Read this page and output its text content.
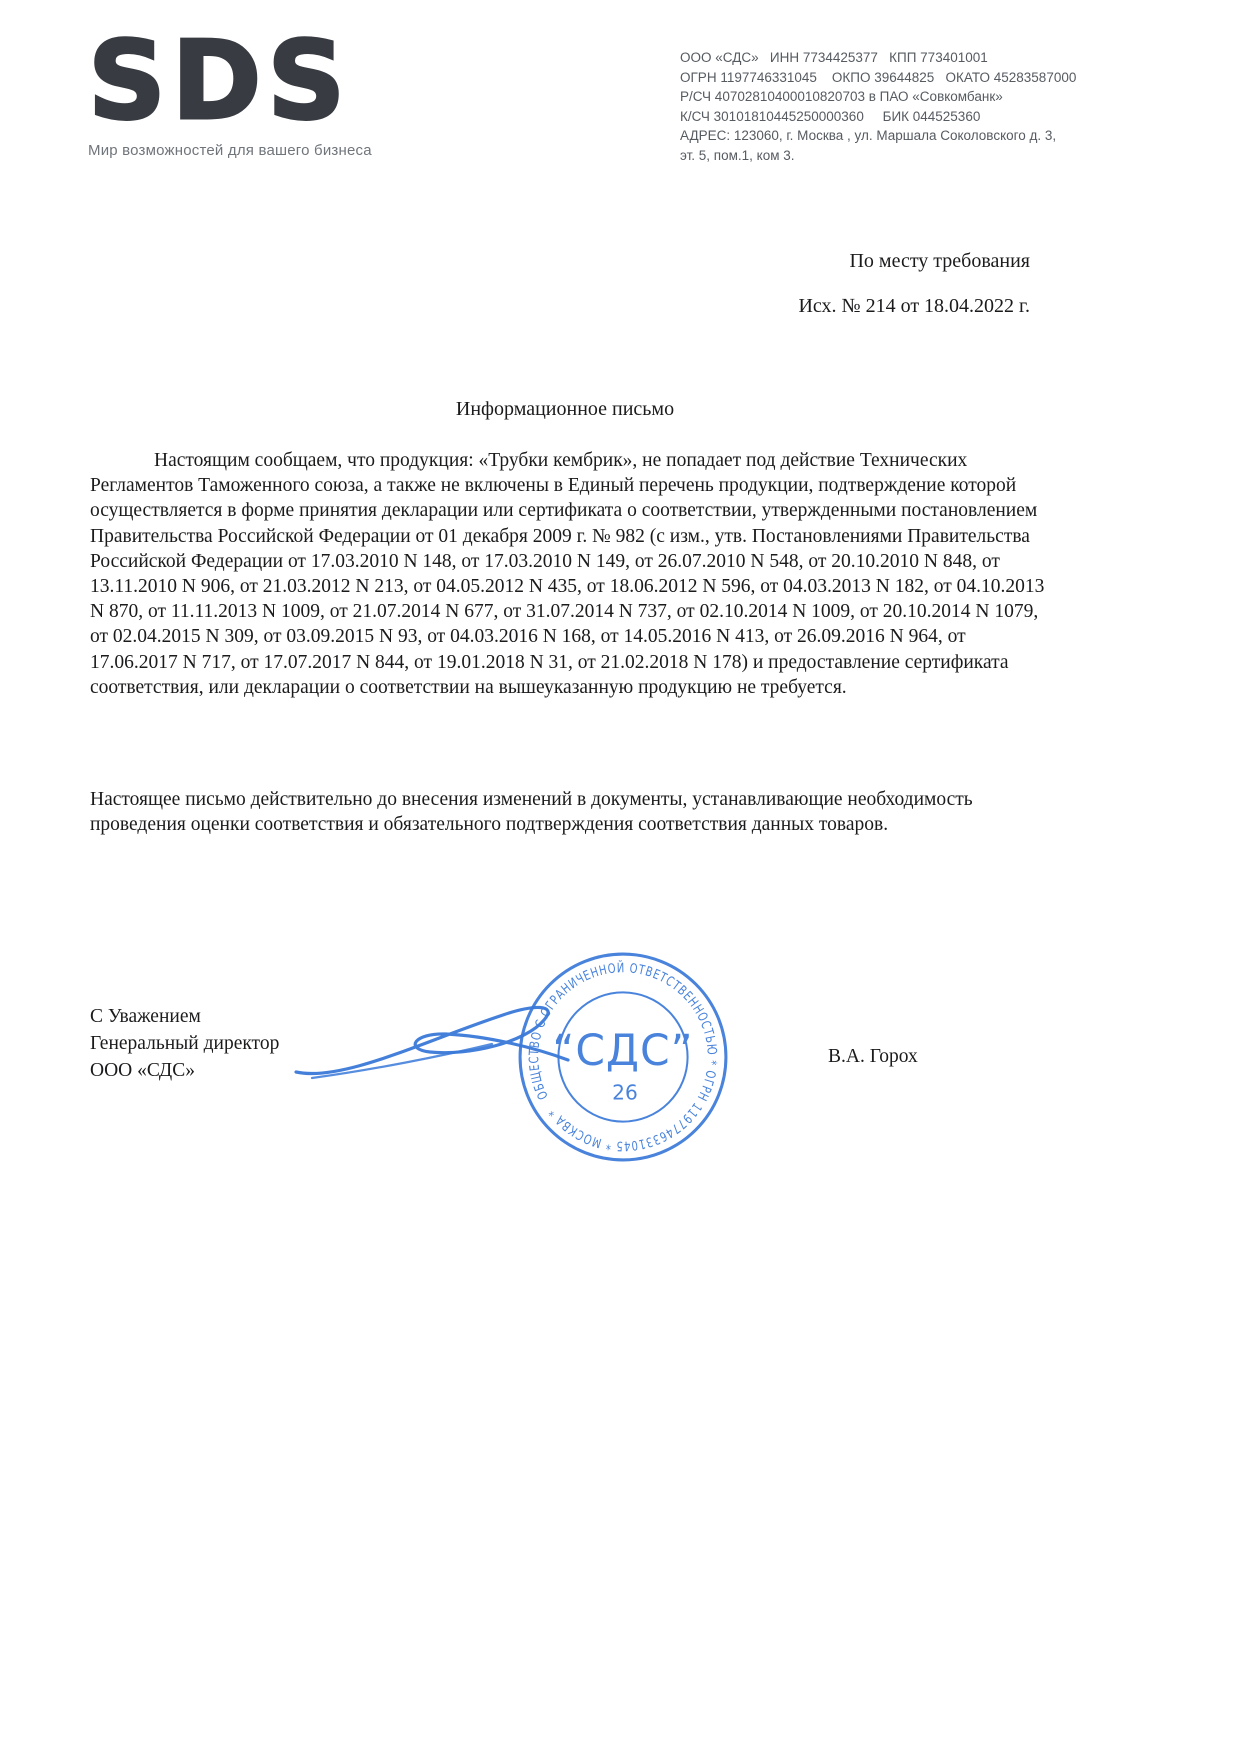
SDS
Мир возможностей для вашего бизнеса
ООО «СДС»   ИНН 7734425377   КПП 773401001
ОГРН 1197746331045    ОКПО 39644825   ОКАТО 45283587000
Р/СЧ 40702810400010820703 в ПАО «Совкомбанк»
К/СЧ 30101810445250000360     БИК 044525360
АДРЕС: 123060, г. Москва , ул. Маршала Соколовского д. 3,
эт. 5, пом.1, ком 3.
По месту требования
Исх. № 214 от 18.04.2022 г.
Информационное письмо

Настоящим сообщаем, что продукция: «Трубки кембрик», не попадает под действие Технических Регламентов Таможенного союза, а также не включены в Единый перечень продукции, подтверждение которой осуществляется в форме принятия декларации или сертификата о соответствии, утвержденными постановлением Правительства Российской Федерации от 01 декабря 2009 г. № 982 (с изм., утв. Постановлениями Правительства Российской Федерации от 17.03.2010 N 148, от 17.03.2010 N 149, от 26.07.2010 N 548, от 20.10.2010 N 848, от 13.11.2010 N 906, от 21.03.2012 N 213, от 04.05.2012 N 435, от 18.06.2012 N 596, от 04.03.2013 N 182, от 04.10.2013 N 870, от 11.11.2013 N 1009, от 21.07.2014 N 677, от 31.07.2014 N 737, от 02.10.2014 N 1009, от 20.10.2014 N 1079, от 02.04.2015 N 309, от 03.09.2015 N 93, от 04.03.2016 N 168, от 14.05.2016 N 413, от 26.09.2016 N 964, от 17.06.2017 N 717, от 17.07.2017 N 844, от 19.01.2018 N 31, от 21.02.2018 N 178) и предоставление сертификата соответствия, или декларации о соответствии на вышеуказанную продукцию не требуется.

Настоящее письмо действительно до внесения изменений в документы, устанавливающие необходимость проведения оценки соответствия и обязательного подтверждения соответствия данных товаров.

С Уважением
Генеральный директор
ООО «СДС»
ОБЩЕСТВО С ОГРАНИЧЕННОЙ ОТВЕТСТВЕННОСТЬЮ * ОГРН 1197746331045 * МОСКВА *
“СДС”
26
В.А. Горох
